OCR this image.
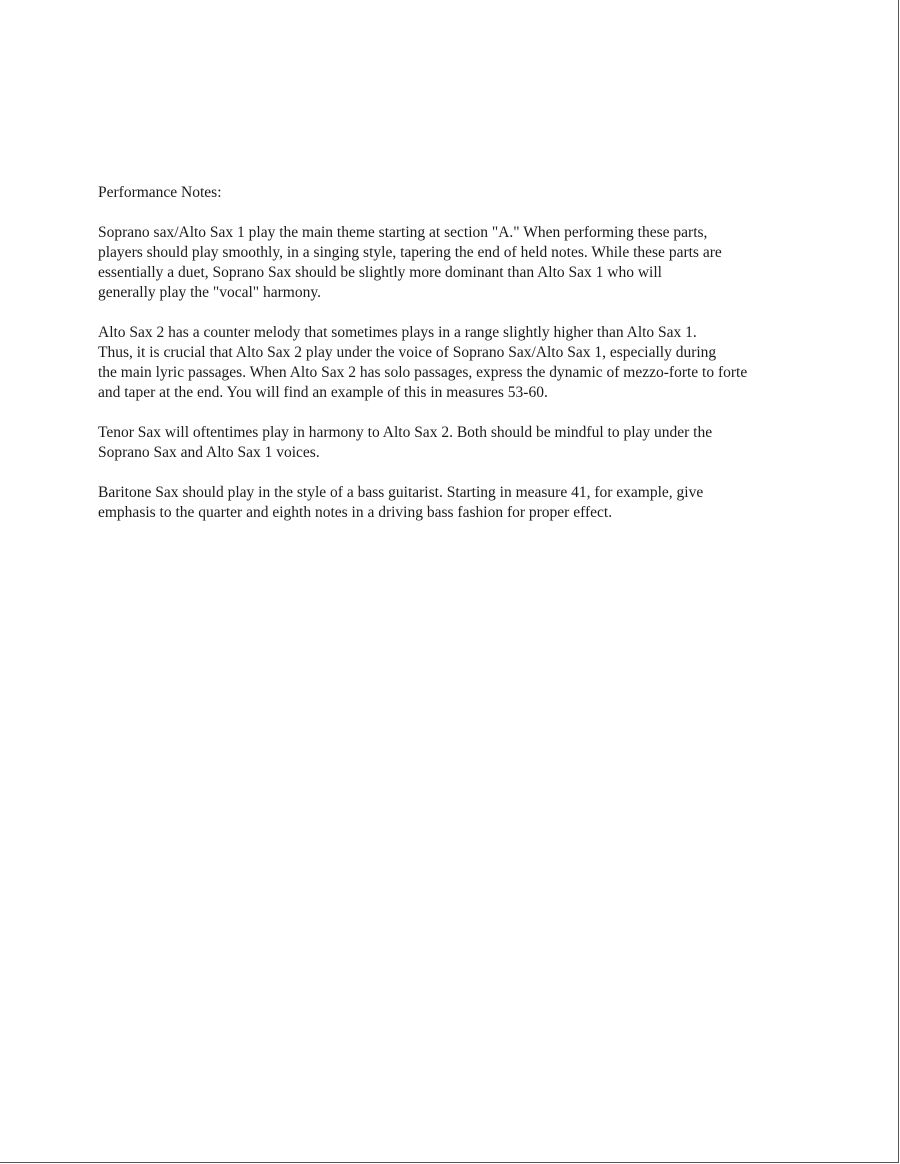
Performance Notes:
Soprano sax/Alto Sax 1 play the main theme starting at section "A." When performing these parts,
players should play smoothly, in a singing style, tapering the end of held notes. While these parts are
essentially a duet, Soprano Sax should be slightly more dominant than Alto Sax 1 who will
generally play the "vocal" harmony.
Alto Sax 2 has a counter melody that sometimes plays in a range slightly higher than Alto Sax 1.
Thus, it is crucial that Alto Sax 2 play under the voice of Soprano Sax/Alto Sax 1, especially during
the main lyric passages. When Alto Sax 2 has solo passages, express the dynamic of mezzo-forte to forte
and taper at the end. You will find an example of this in measures 53-60.
Tenor Sax will oftentimes play in harmony to Alto Sax 2. Both should be mindful to play under the
Soprano Sax and Alto Sax 1 voices.
Baritone Sax should play in the style of a bass guitarist. Starting in measure 41, for example, give
emphasis to the quarter and eighth notes in a driving bass fashion for proper effect.
